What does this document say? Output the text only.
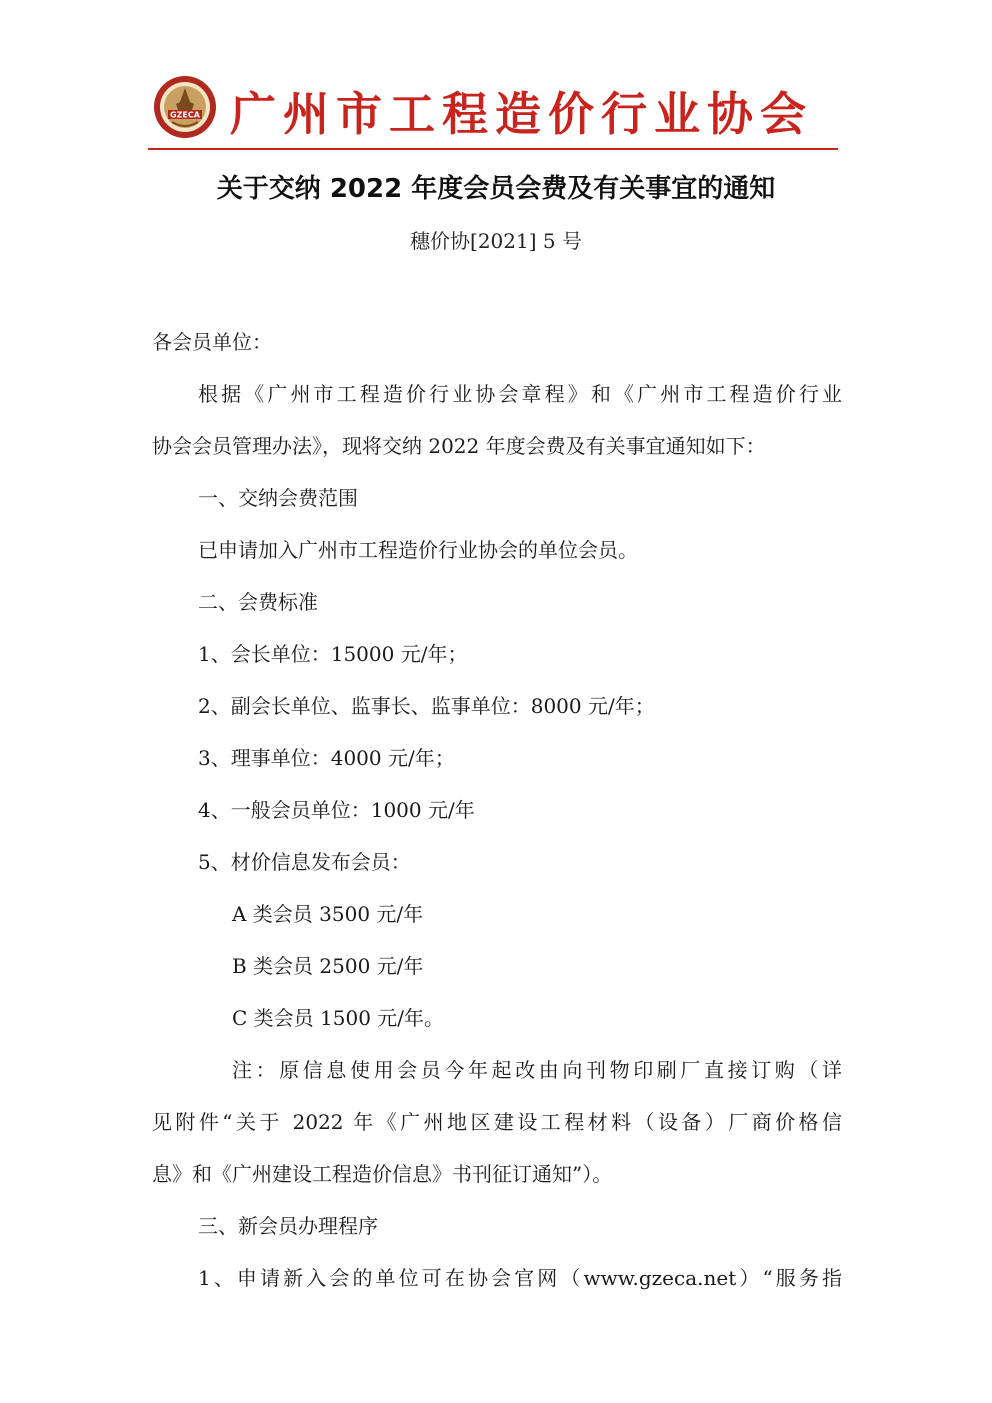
GZECA 广州市工程造价行业协会
关于交纳 2022 年度会员会费及有关事宜的通知
穗价协[2021] 5 号
各会员单位：
根据《广州市工程造价行业协会章程》和《广州市工程造价行业
协会会员管理办法》，现将交纳 2022 年度会费及有关事宜通知如下：
一、交纳会费范围
已申请加入广州市工程造价行业协会的单位会员。
二、会费标准
1、会长单位：15000 元/年；
2、副会长单位、监事长、监事单位：8000 元/年；
3、理事单位：4000 元/年；
4、一般会员单位：1000 元/年
5、材价信息发布会员：
A 类会员 3500 元/年
B 类会员 2500 元/年
C 类会员 1500 元/年。
注：原信息使用会员今年起改由向刊物印刷厂直接订购（详
见附件“关于 2022 年《广州地区建设工程材料（设备）厂商价格信
息》和《广州建设工程造价信息》书刊征订通知”）。
三、新会员办理程序
1、申请新入会的单位可在协会官网（www.gzeca.net）“服务指
